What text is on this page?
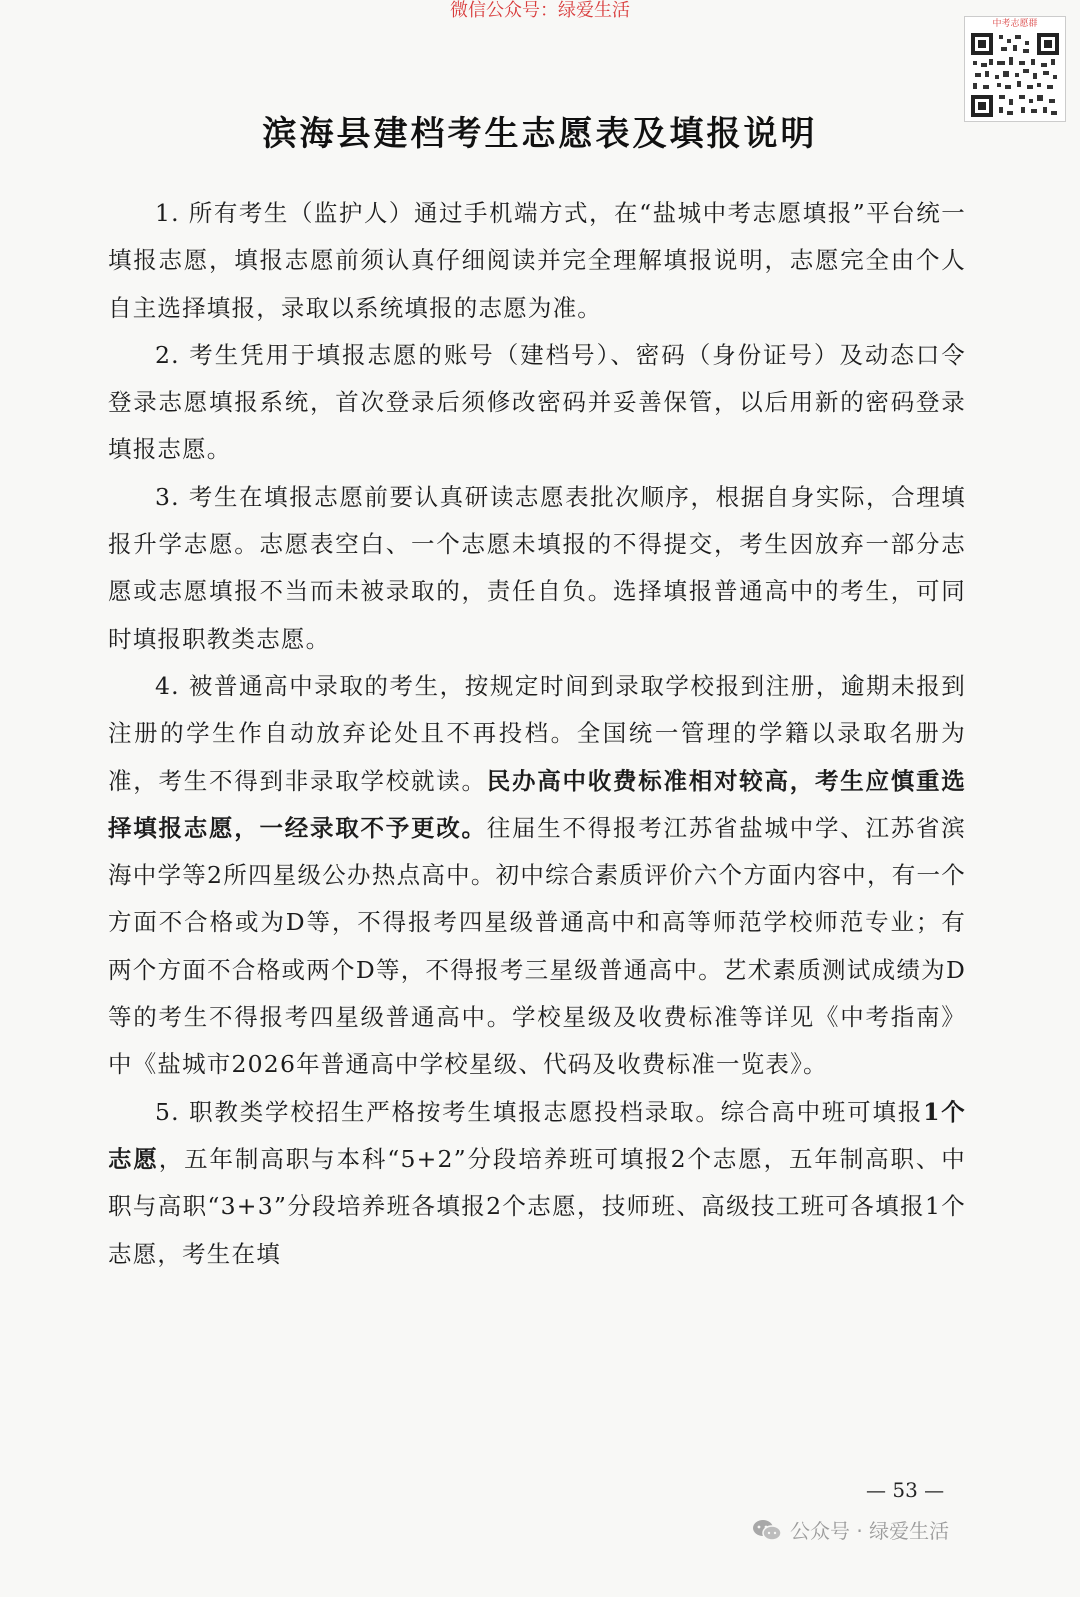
微信公众号：绿爱生活
中考志愿群
滨海县建档考生志愿表及填报说明

1. 所有考生（监护人）通过手机端方式，在“盐城中考志愿填报”平台统一填报志愿，填报志愿前须认真仔细阅读并完全理解填报说明，志愿完全由个人自主选择填报，录取以系统填报的志愿为准。

2. 考生凭用于填报志愿的账号（建档号）、密码（身份证号）及动态口令登录志愿填报系统，首次登录后须修改密码并妥善保管，以后用新的密码登录填报志愿。

3. 考生在填报志愿前要认真研读志愿表批次顺序，根据自身实际，合理填报升学志愿。志愿表空白、一个志愿未填报的不得提交，考生因放弃一部分志愿或志愿填报不当而未被录取的，责任自负。选择填报普通高中的考生，可同时填报职教类志愿。

4. 被普通高中录取的考生，按规定时间到录取学校报到注册，逾期未报到注册的学生作自动放弃论处且不再投档。全国统一管理的学籍以录取名册为准，考生不得到非录取学校就读。民办高中收费标准相对较高，考生应慎重选择填报志愿，一经录取不予更改。往届生不得报考江苏省盐城中学、江苏省滨海中学等2所四星级公办热点高中。初中综合素质评价六个方面内容中，有一个方面不合格或为D等，不得报考四星级普通高中和高等师范学校师范专业；有两个方面不合格或两个D等，不得报考三星级普通高中。艺术素质测试成绩为D等的考生不得报考四星级普通高中。学校星级及收费标准等详见《中考指南》中《盐城市2026年普通高中学校星级、代码及收费标准一览表》。

5. 职教类学校招生严格按考生填报志愿投档录取。综合高中班可填报1个志愿，五年制高职与本科“5+2”分段培养班可填报2个志愿，五年制高职、中职与高职“3+3”分段培养班各填报2个志愿，技师班、高级技工班可各填报1个志愿，考生在填

— 53 —
公众号 · 绿爱生活
